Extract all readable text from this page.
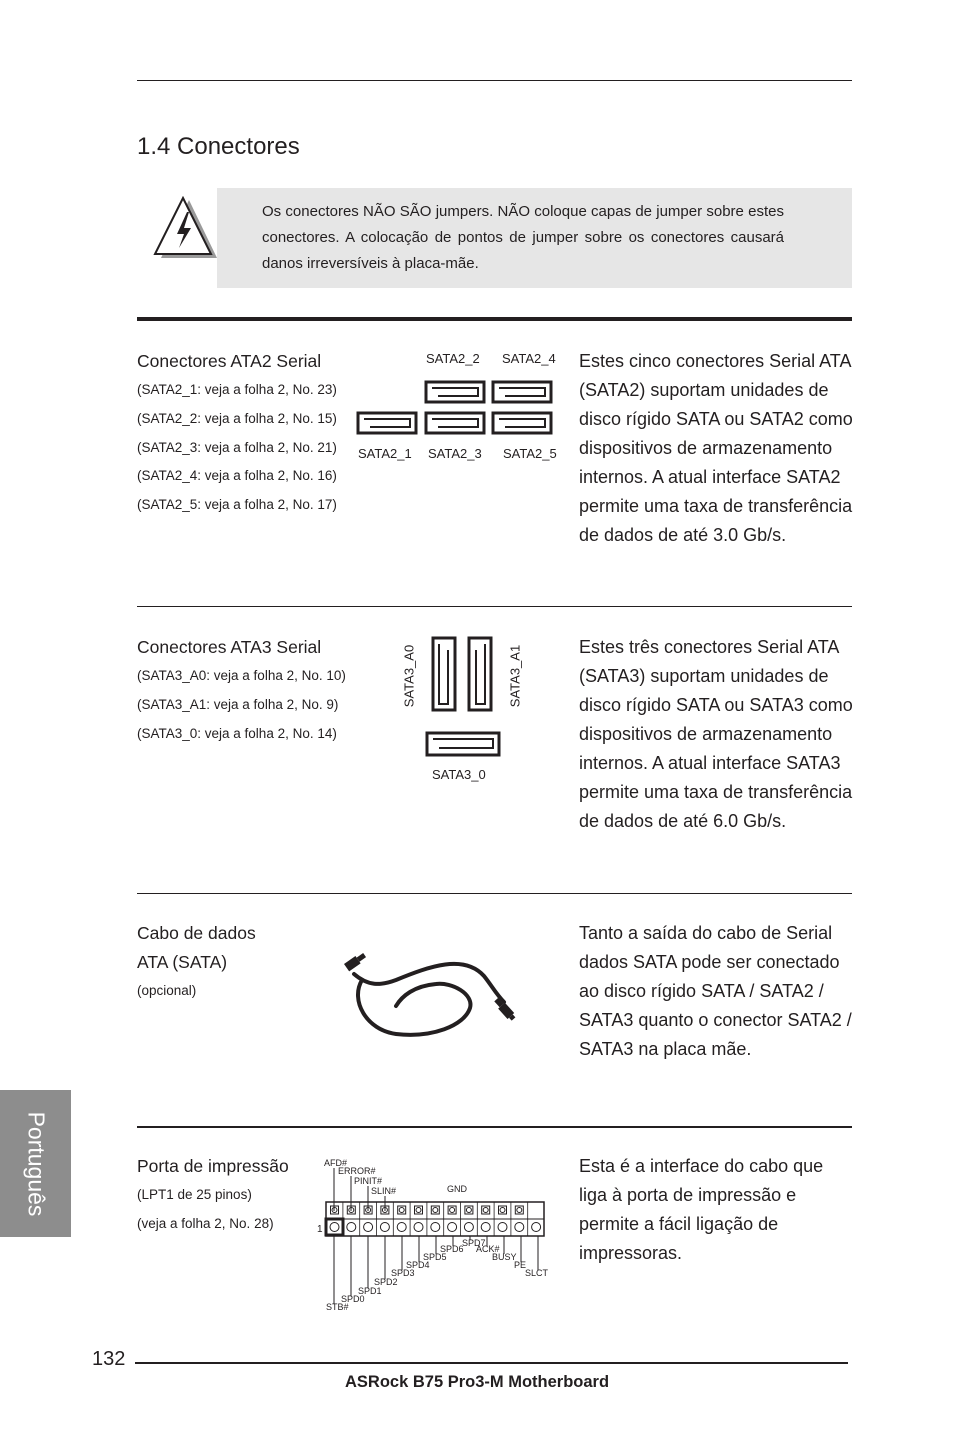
1.4 Conectores
Os conectores NÃO SÃO jumpers. NÃO coloque capas de jumper sobre estes conectores. A colocação de pontos de jumper sobre os conectores causará danos irreversíveis à placa-mãe.
Conectores ATA2 Serial
(SATA2_1: veja a folha 2, No. 23)
(SATA2_2: veja a folha 2, No. 15)
(SATA2_3: veja a folha 2, No. 21)
(SATA2_4: veja a folha 2, No. 16)
(SATA2_5: veja a folha 2, No. 17)
SATA2_2 SATA2_4
SATA2_1 SATA2_3 SATA2_5
Estes cinco conectores Serial ATA (SATA2) suportam unidades de disco rígido SATA ou SATA2 como dispositivos de armazenamento internos. A atual interface SATA2 permite uma taxa de transferência de dados de até 3.0 Gb/s.
Conectores ATA3 Serial
(SATA3_A0: veja a folha 2, No. 10)
(SATA3_A1: veja a folha 2, No. 9)
(SATA3_0: veja a folha 2, No. 14)
SATA3_A0	SATA3_A1
SATA3_0
Estes três conectores Serial ATA (SATA3) suportam unidades de disco rígido SATA ou SATA3 como dispositivos de armazenamento internos. A atual interface SATA3 permite uma taxa de transferência de dados de até 6.0 Gb/s.
Cabo de dados
ATA (SATA)
(opcional)
Tanto a saída do cabo de Serial dados SATA pode ser conectado ao disco rígido SATA / SATA2 / SATA3 quanto o conector SATA2 / SATA3 na placa mãe.
Porta de impressão
(LPT1 de 25 pinos)
(veja a folha 2, No. 28)	1
AFD#
ERROR#
PINIT#
SLIN#	GND
SPD7
SPD6 ACK#
SPD5	BUSY
SPD4	PE
SPD3	SLCT
SPD2
SPD1
SPD0
STB#
Esta é a interface do cabo que liga à porta de impressão e permite a fácil ligação de impressoras.
Português
132
ASRock B75 Pro3-M Motherboard
